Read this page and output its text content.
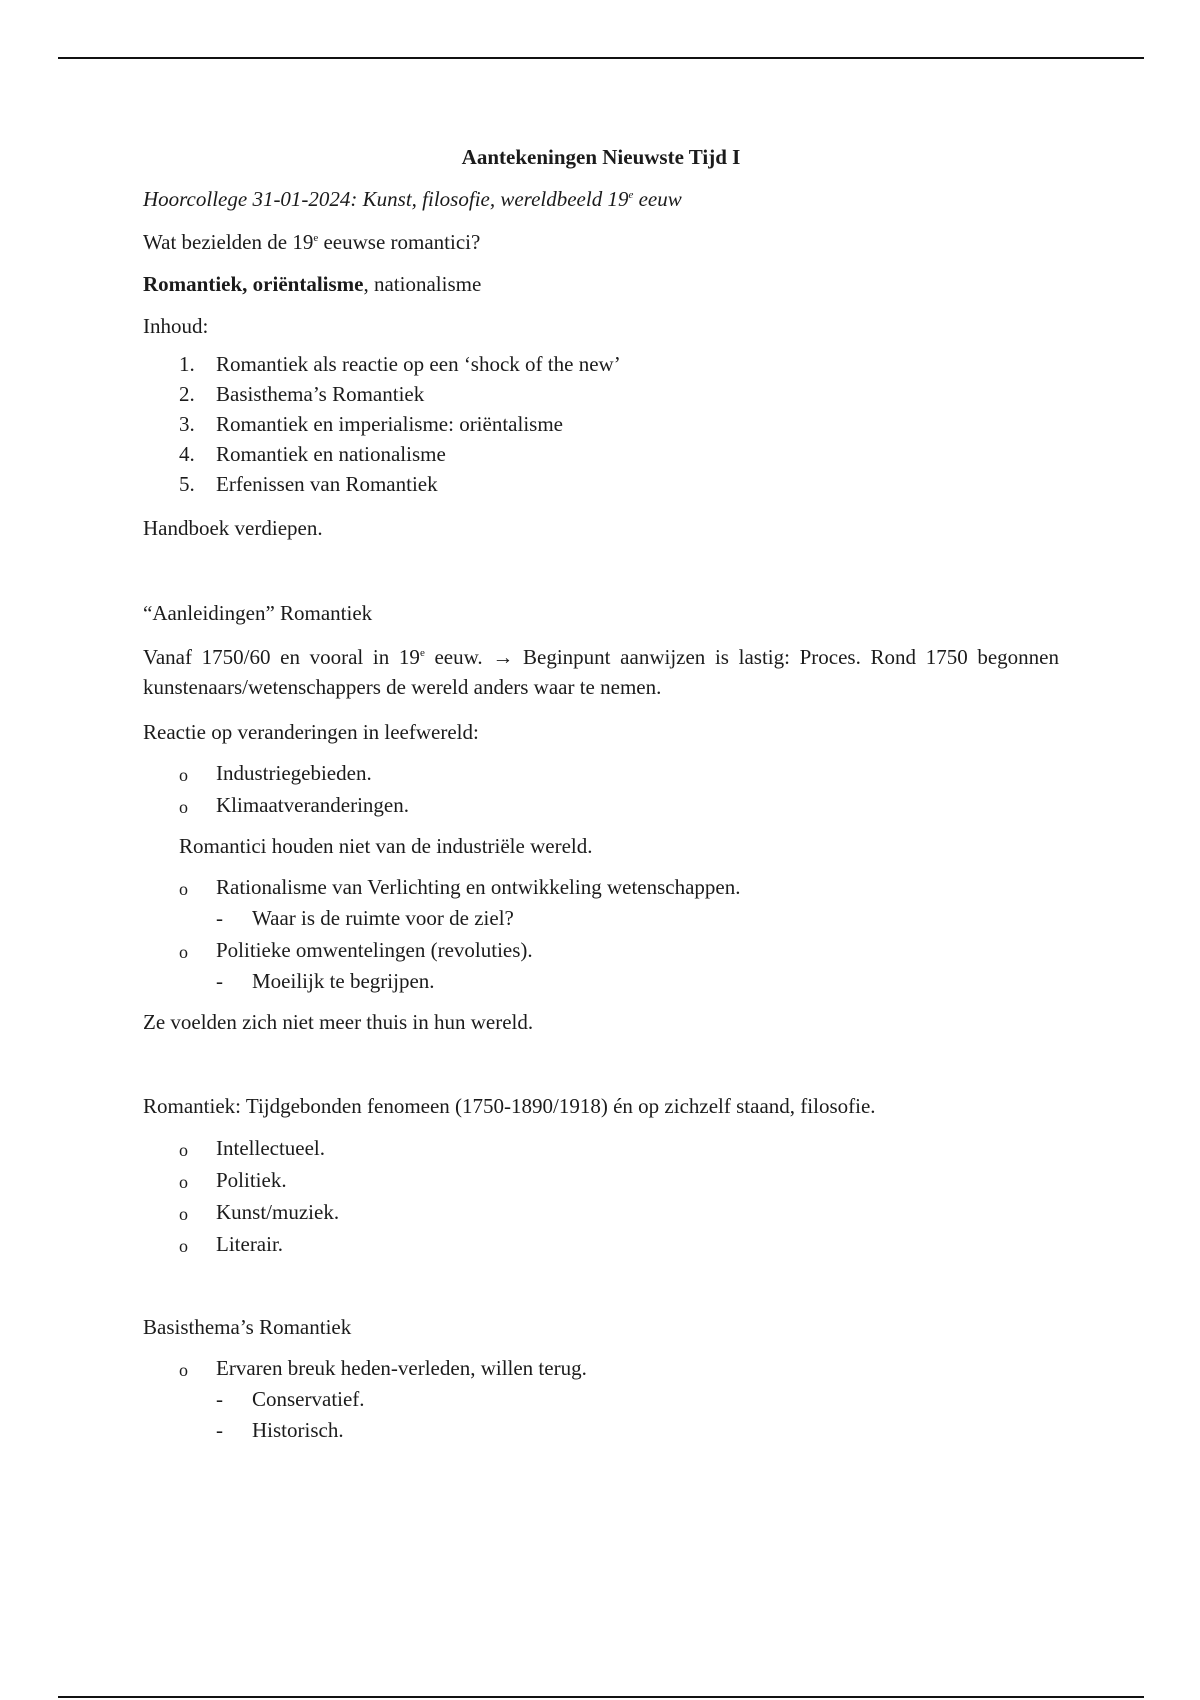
Aantekeningen Nieuwste Tijd I

Hoorcollege 31-01-2024: Kunst, filosofie, wereldbeeld 19e eeuw

Wat bezielden de 19e eeuwse romantici?

Romantiek, oriëntalisme, nationalisme

Inhoud:

1. Romantiek als reactie op een ‘shock of the new’
2. Basisthema’s Romantiek
3. Romantiek en imperialisme: oriëntalisme
4. Romantiek en nationalisme
5. Erfenissen van Romantiek

Handboek verdiepen.

“Aanleidingen” Romantiek

Vanaf 1750/60 en vooral in 19e eeuw. → Beginpunt aanwijzen is lastig: Proces. Rond 1750 begonnen kunstenaars/wetenschappers de wereld anders waar te nemen.

Reactie op veranderingen in leefwereld:

o Industriegebieden.
o Klimaatveranderingen.

Romantici houden niet van de industriële wereld.

o Rationalisme van Verlichting en ontwikkeling wetenschappen.
- Waar is de ruimte voor de ziel?
o Politieke omwentelingen (revoluties).
- Moeilijk te begrijpen.

Ze voelden zich niet meer thuis in hun wereld.

Romantiek: Tijdgebonden fenomeen (1750-1890/1918) én op zichzelf staand, filosofie.

o Intellectueel.
o Politiek.
o Kunst/muziek.
o Literair.

Basisthema’s Romantiek

o Ervaren breuk heden-verleden, willen terug.
- Conservatief.
- Historisch.
